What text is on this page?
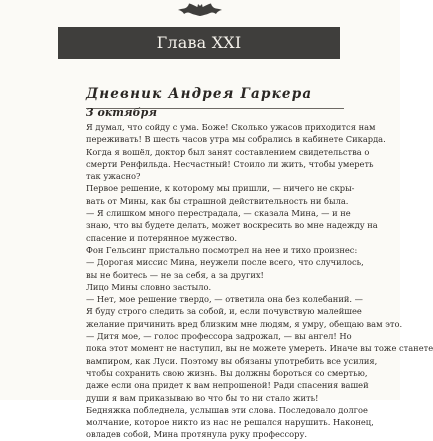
Глава XXI
Дневник Андрея Гаркера
3 октября
Я думал, что сойду с ума. Боже! Сколько ужасов приходится нам
переживать! В шесть часов утра мы собрались в кабинете Сикарда.
Когда я вошёл, доктор был занят составлением свидетельства о
смерти Ренфильда. Несчастный! Стоило ли жить, чтобы умереть
так ужасно?
Первое решение, к которому мы пришли, — ничего не скры-
вать от Мины, как бы страшной действительность ни была.
— Я слишком много перестрадала, — сказала Мина, — и не
знаю, что вы будете делать, может воскресить во мне надежду на
спасение и потерянное мужество.
Фон Гельсинг пристально посмотрел на нее и тихо произнес:
— Дорогая миссис Мина, неужели после всего, что случилось,
вы не боитесь — не за себя, а за других!
Лицо Мины словно застыло.
— Нет, мое решение твердо, — ответила она без колебаний. —
Я буду строго следить за собой, и, если почувствую малейшее
желание причинить вред близким мне людям, я умру, обещаю вам это.
— Дитя мое, — голос профессора задрожал, — вы ангел! Но
пока этот момент не наступил, вы не можете умереть. Иначе вы тоже станете
вампиром, как Луси. Поэтому вы обязаны употребить все усилия,
чтобы сохранить свою жизнь. Вы должны бороться со смертью,
даже если она придет к вам непрошеной! Ради спасения вашей
души я вам приказываю во что бы то ни стало жить!
Бедняжка побледнела, услышав эти слова. Последовало долгое
молчание, которое никто из нас не решался нарушить. Наконец,
овладев собой, Мина протянула руку профессору.
